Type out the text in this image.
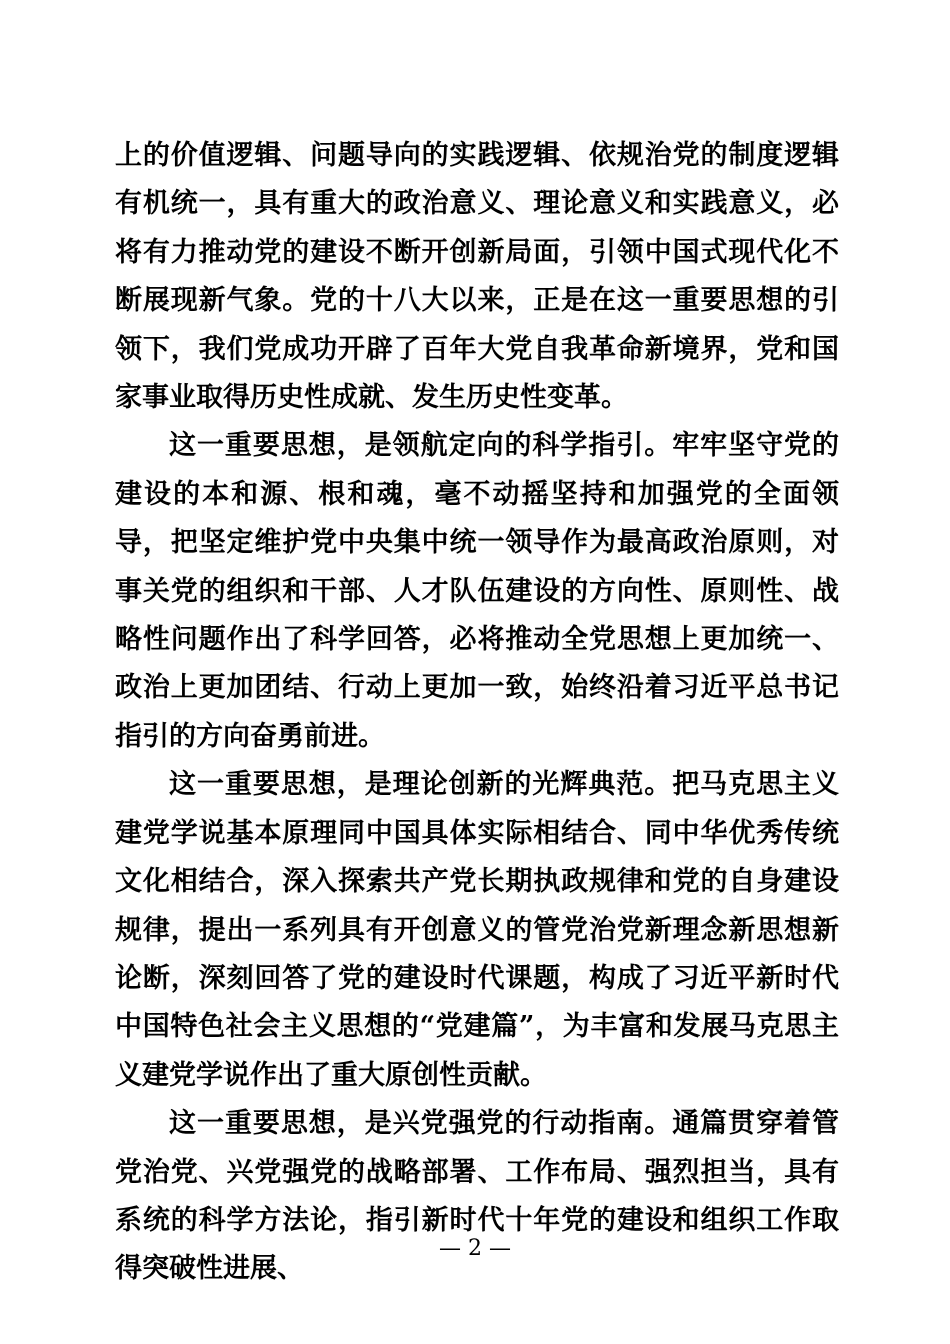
上的价值逻辑、问题导向的实践逻辑、依规治党的制度逻辑有机统一，具有重大的政治意义、理论意义和实践意义，必将有力推动党的建设不断开创新局面，引领中国式现代化不断展现新气象。党的十八大以来，正是在这一重要思想的引领下，我们党成功开辟了百年大党自我革命新境界，党和国家事业取得历史性成就、发生历史性变革。

这一重要思想，是领航定向的科学指引。牢牢坚守党的建设的本和源、根和魂，毫不动摇坚持和加强党的全面领导，把坚定维护党中央集中统一领导作为最高政治原则，对事关党的组织和干部、人才队伍建设的方向性、原则性、战略性问题作出了科学回答，必将推动全党思想上更加统一、政治上更加团结、行动上更加一致，始终沿着习近平总书记指引的方向奋勇前进。

这一重要思想，是理论创新的光辉典范。把马克思主义建党学说基本原理同中国具体实际相结合、同中华优秀传统文化相结合，深入探索共产党长期执政规律和党的自身建设规律，提出一系列具有开创意义的管党治党新理念新思想新论断，深刻回答了党的建设时代课题，构成了习近平新时代中国特色社会主义思想的“党建篇”，为丰富和发展马克思主义建党学说作出了重大原创性贡献。

这一重要思想，是兴党强党的行动指南。通篇贯穿着管党治党、兴党强党的战略部署、工作布局、强烈担当，具有系统的科学方法论，指引新时代十年党的建设和组织工作取得突破性进展、

— 2 —
